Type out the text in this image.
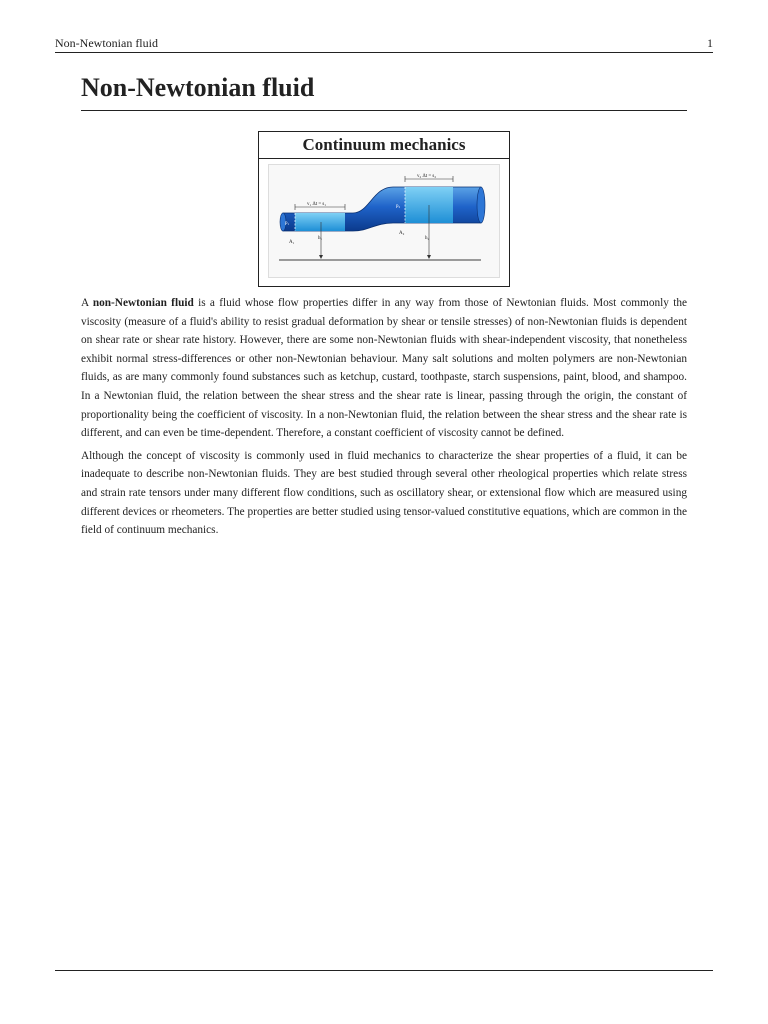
Non-Newtonian fluid	1
Non-Newtonian fluid
Continuum mechanics
v₁ Δt = s₁
v₂ Δt = s₂
p₁
p₂
A₁
A₂
h₁	h₂

A non-Newtonian fluid is a fluid whose flow properties differ in any way from those of Newtonian fluids. Most commonly the viscosity (measure of a fluid's ability to resist gradual deformation by shear or tensile stresses) of non-Newtonian fluids is dependent on shear rate or shear rate history. However, there are some non-Newtonian fluids with shear-independent viscosity, that nonetheless exhibit normal stress-differences or other non-Newtonian behaviour. Many salt solutions and molten polymers are non-Newtonian fluids, as are many commonly found substances such as ketchup, custard, toothpaste, starch suspensions, paint, blood, and shampoo. In a Newtonian fluid, the relation between the shear stress and the shear rate is linear, passing through the origin, the constant of proportionality being the coefficient of viscosity. In a non-Newtonian fluid, the relation between the shear stress and the shear rate is different, and can even be time-dependent. Therefore, a constant coefficient of viscosity cannot be defined.

Although the concept of viscosity is commonly used in fluid mechanics to characterize the shear properties of a fluid, it can be inadequate to describe non-Newtonian fluids. They are best studied through several other rheological properties which relate stress and strain rate tensors under many different flow conditions, such as oscillatory shear, or extensional flow which are measured using different devices or rheometers. The properties are better studied using tensor-valued constitutive equations, which are common in the field of continuum mechanics.
